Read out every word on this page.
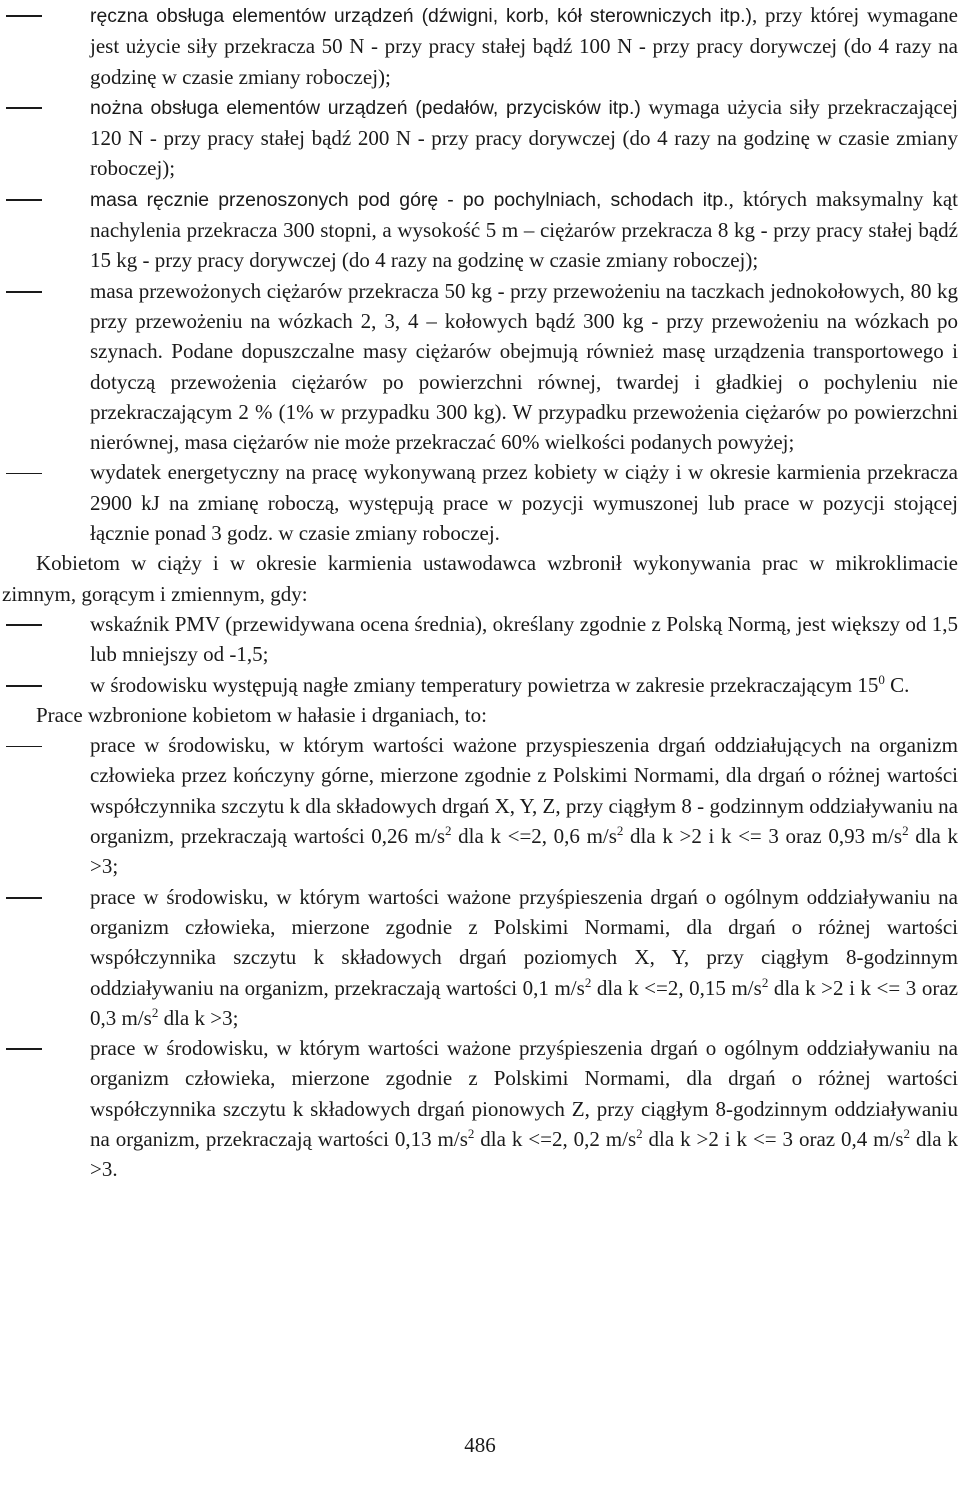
ręczna obsługa elementów urządzeń (dźwigni, korb, kół sterowniczych itp.), przy której wymagane jest użycie siły przekracza 50 N - przy pracy stałej bądź 100 N - przy pracy dorywczej (do 4 razy na godzinę w czasie zmiany roboczej);

nożna obsługa elementów urządzeń (pedałów, przycisków itp.) wymaga użycia siły przekraczającej 120 N - przy pracy stałej bądź 200 N - przy pracy dorywczej (do 4 razy na godzinę w czasie zmiany roboczej);

masa ręcznie przenoszonych pod górę - po pochylniach, schodach itp., których maksymalny kąt nachylenia przekracza 300 stopni, a wysokość 5 m – ciężarów przekracza 8 kg - przy pracy stałej bądź 15 kg - przy pracy dorywczej (do 4 razy na godzinę w czasie zmiany roboczej);

masa przewożonych ciężarów przekracza 50 kg - przy przewożeniu na taczkach jednokołowych, 80 kg przy przewożeniu na wózkach 2, 3, 4 – kołowych bądź 300 kg - przy przewożeniu na wózkach po szynach. Podane dopuszczalne masy ciężarów obejmują również masę urządzenia transportowego i dotyczą przewożenia ciężarów po powierzchni równej, twardej i gładkiej o pochyleniu nie przekraczającym 2 % (1% w przypadku 300 kg). W przypadku przewożenia ciężarów po powierzchni nierównej, masa ciężarów nie może przekraczać 60% wielkości podanych powyżej;

wydatek energetyczny na pracę wykonywaną przez kobiety w ciąży i w okresie karmienia przekracza 2900 kJ na zmianę roboczą, występują prace w pozycji wymuszonej lub prace w pozycji stojącej łącznie ponad 3 godz. w czasie zmiany roboczej.

Kobietom w ciąży i w okresie karmienia ustawodawca wzbronił wykonywania prac w mikroklimacie zimnym, gorącym i zmiennym, gdy:

wskaźnik PMV (przewidywana ocena średnia), określany zgodnie z Polską Normą, jest większy od 1,5 lub mniejszy od -1,5;

w środowisku występują nagłe zmiany temperatury powietrza w zakresie przekraczającym $15^0$ C.

Prace wzbronione kobietom w hałasie i drganiach, to:

prace w środowisku, w którym wartości ważone przyspieszenia drgań oddziałujących na organizm człowieka przez kończyny górne, mierzone zgodnie z Polskimi Normami, dla drgań o różnej wartości współczynnika szczytu k dla składowych drgań X, Y, Z, przy ciągłym 8 - godzinnym oddziaływaniu na organizm, przekraczają wartości 0,26 $m/s^2$ dla k <=2, 0,6 $m/s^2$ dla k >2 i k <= 3 oraz 0,93 $m/s^2$ dla k >3;

prace w środowisku, w którym wartości ważone przyśpieszenia drgań o ogólnym oddziaływaniu na organizm człowieka, mierzone zgodnie z Polskimi Normami, dla drgań o różnej wartości współczynnika szczytu k składowych drgań poziomych X, Y, przy ciągłym 8-godzinnym oddziaływaniu na organizm, przekraczają wartości 0,1 $m/s^2$ dla k <=2, 0,15 $m/s^2$ dla k >2 i k <= 3 oraz 0,3 $m/s^2$ dla k >3;

prace w środowisku, w którym wartości ważone przyśpieszenia drgań o ogólnym oddziaływaniu na organizm człowieka, mierzone zgodnie z Polskimi Normami, dla drgań o różnej wartości współczynnika szczytu k składowych drgań pionowych Z, przy ciągłym 8-godzinnym oddziaływaniu na organizm, przekraczają wartości 0,13 $m/s^2$ dla k <=2, 0,2 $m/s^2$ dla k >2 i k <= 3 oraz 0,4 $m/s^2$ dla k >3.

486
